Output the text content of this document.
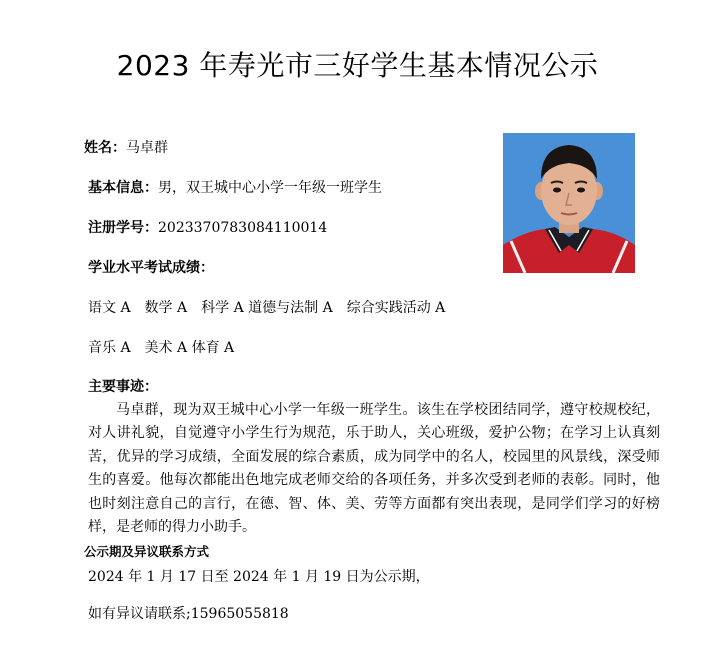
2023 年寿光市三好学生基本情况公示
姓名：马卓群
基本信息：男，双王城中心小学一年级一班学生
注册学号：2023370783084110014
学业水平考试成绩：
语文 A　数学 A　科学 A 道德与法制 A　综合实践活动 A
音乐 A　美术 A 体育 A
主要事迹：
马卓群，现为双王城中心小学一年级一班学生。该生在学校团结同学，遵守校规校纪，对人讲礼貌，自觉遵守小学生行为规范，乐于助人，关心班级，爱护公物；在学习上认真刻苦，优异的学习成绩，全面发展的综合素质，成为同学中的名人，校园里的风景线，深受师生的喜爱。他每次都能出色地完成老师交给的各项任务，并多次受到老师的表彰。同时，他也时刻注意自己的言行，在德、智、体、美、劳等方面都有突出表现，是同学们学习的好榜样，是老师的得力小助手。
公示期及异议联系方式
2024 年 1 月 17 日至 2024 年 1 月 19 日为公示期，
如有异议请联系;15965055818
